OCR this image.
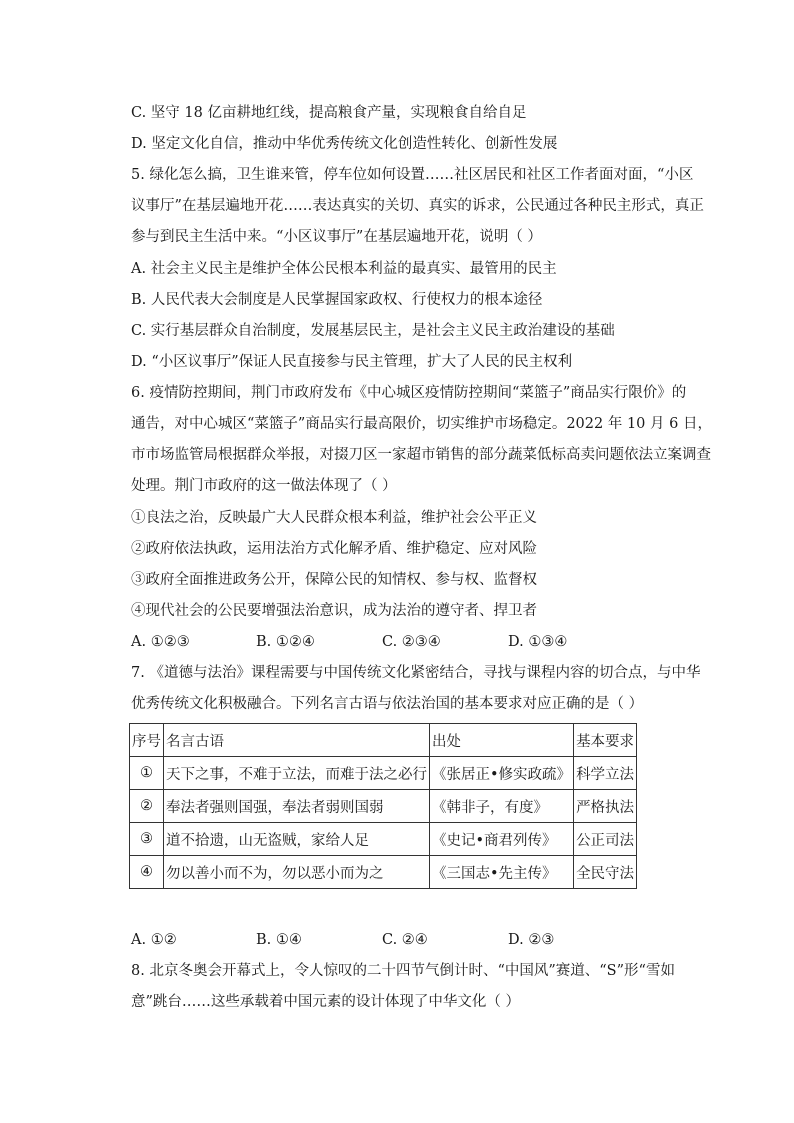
C. 坚守 18 亿亩耕地红线，提高粮食产量，实现粮食自给自足
D. 坚定文化自信，推动中华优秀传统文化创造性转化、创新性发展
5. 绿化怎么搞，卫生谁来管，停车位如何设置……社区居民和社区工作者面对面，“小区
议事厅”在基层遍地开花……表达真实的关切、真实的诉求，公民通过各种民主形式，真正
参与到民主生活中来。“小区议事厅”在基层遍地开花，说明（ ）
A. 社会主义民主是维护全体公民根本利益的最真实、最管用的民主
B. 人民代表大会制度是人民掌握国家政权、行使权力的根本途径
C. 实行基层群众自治制度，发展基层民主，是社会主义民主政治建设的基础
D. “小区议事厅”保证人民直接参与民主管理，扩大了人民的民主权利
6. 疫情防控期间，荆门市政府发布《中心城区疫情防控期间“菜篮子”商品实行限价》的
通告，对中心城区“菜篮子”商品实行最高限价，切实维护市场稳定。2022 年 10 月 6 日，
市市场监管局根据群众举报，对掇刀区一家超市销售的部分蔬菜低标高卖问题依法立案调查
处理。荆门市政府的这一做法体现了（ ）
①良法之治，反映最广大人民群众根本利益，维护社会公平正义
②政府依法执政，运用法治方式化解矛盾、维护稳定、应对风险
③政府全面推进政务公开，保障公民的知情权、参与权、监督权
④现代社会的公民要增强法治意识，成为法治的遵守者、捍卫者
A. ①②③	B. ①②④	C. ②③④	D. ①③④
7. 《道德与法治》课程需要与中国传统文化紧密结合，寻找与课程内容的切合点，与中华
优秀传统文化积极融合。下列名言古语与依法治国的基本要求对应正确的是（ ）
序号	名言古语	出处	基本要求
①	天下之事，不难于立法，而难于法之必行	《张居正•修实政疏》	科学立法
②	奉法者强则国强，奉法者弱则国弱	《韩非子，有度》	严格执法
③	道不拾遗，山无盗贼，家给人足	《史记•商君列传》	公正司法
④	勿以善小而不为，勿以恶小而为之	《三国志•先主传》	全民守法
A. ①②	B. ①④	C. ②④	D. ②③
8. 北京冬奥会开幕式上，令人惊叹的二十四节气倒计时、“中国风”赛道、“S”形“雪如
意”跳台……这些承载着中国元素的设计体现了中华文化（ ）
